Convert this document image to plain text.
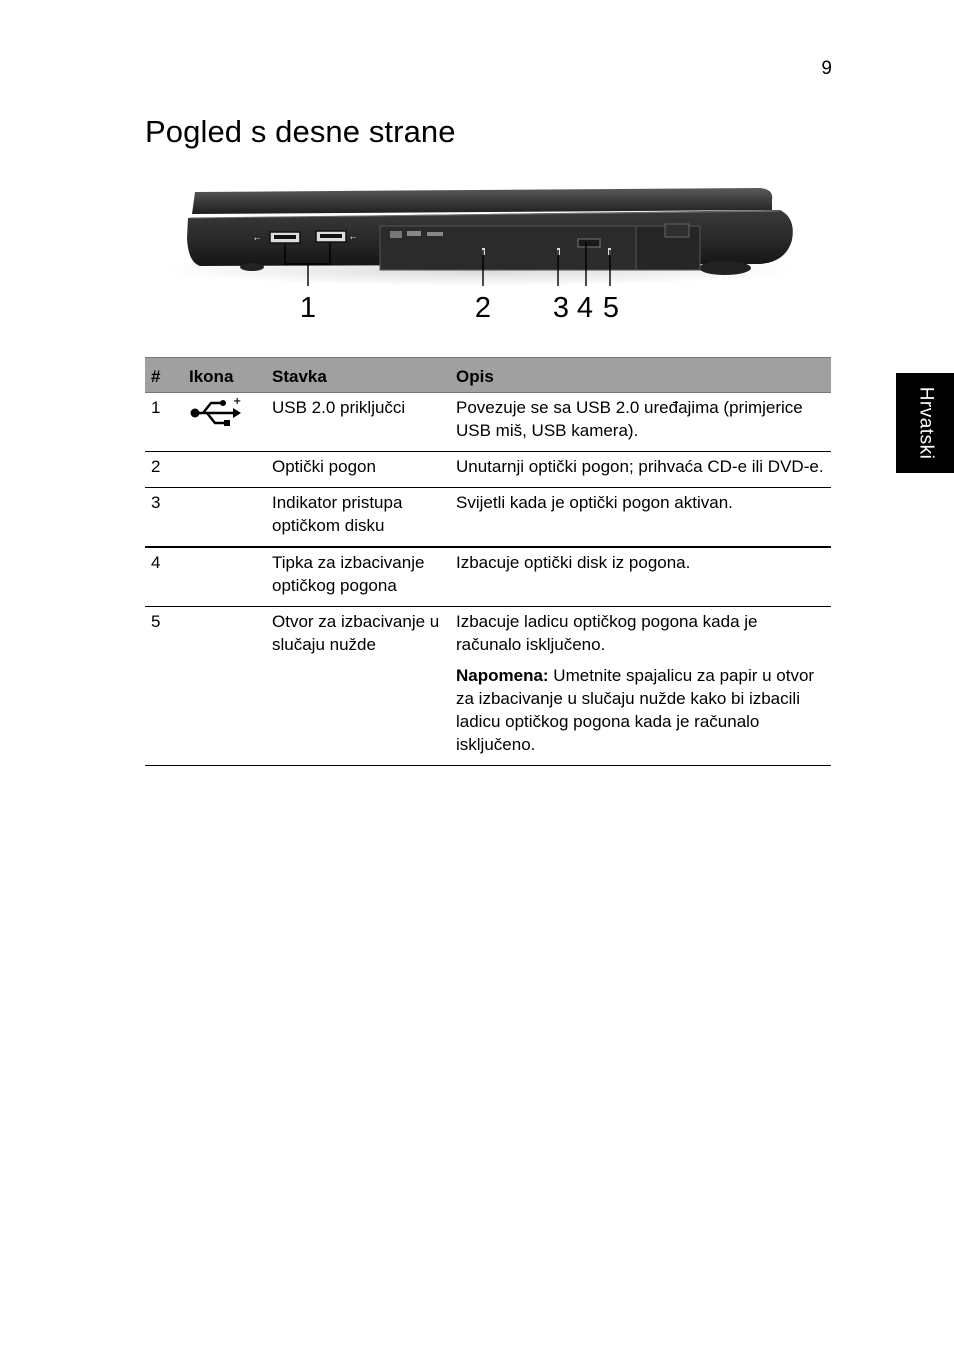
9
Pogled s desne strane
Hrvatski
⭠	⭠
1	2 3 4 5
#	Ikona	Stavka	Opis
1	+	USB 2.0 priključci	Povezuje se sa USB 2.0 uređajima (primjerice USB miš, USB kamera).
2		Optički pogon	Unutarnji optički pogon; prihvaća CD-e ili DVD-e.
3		Indikator pristupa optičkom disku	Svijetli kada je optički pogon aktivan.
4		Tipka za izbacivanje optičkog pogona	Izbacuje optički disk iz pogona.
5		Otvor za izbacivanje u slučaju nužde	Izbacuje ladicu optičkog pogona kada je računalo isključeno.

Napomena: Umetnite spajalicu za papir u otvor za izbacivanje u slučaju nužde kako bi izbacili ladicu optičkog pogona kada je računalo isključeno.
